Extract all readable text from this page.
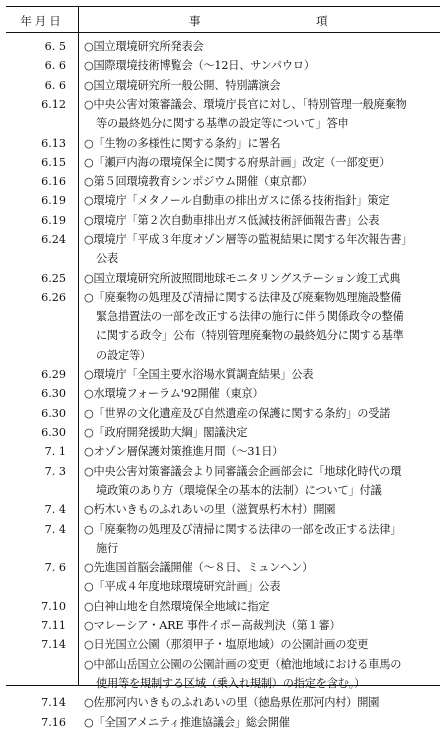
年月日	事	項
6. 5 ○国立環境研究所発表会
6. 6 ○国際環境技術博覧会（～12日、サンパウロ）
6. 6 ○国立環境研究所一般公開、特別講演会
6.12 ○中央公害対策審議会、環境庁長官に対し、「特別管理一般廃棄物
等の最終処分に関する基準の設定等について」答申
6.13 ○「生物の多様性に関する条約」に署名
6.15 ○「瀬戸内海の環境保全に関する府県計画」改定（一部変更）
6.16 ○第５回環境教育シンポジウム開催（東京都）
6.19 ○環境庁「メタノール自動車の排出ガスに係る技術指針」策定
6.19 ○環境庁「第２次自動車排出ガス低減技術評価報告書」公表
6.24 ○環境庁「平成３年度オゾン層等の監視結果に関する年次報告書」
公表
6.25 ○国立環境研究所波照間地球モニタリングステーション竣工式典
6.26 ○「廃棄物の処理及び清掃に関する法律及び廃棄物処理施設整備
緊急措置法の一部を改正する法律の施行に伴う関係政令の整備
に関する政令」公布（特別管理廃棄物の最終処分に関する基準
の設定等）
6.29 ○環境庁「全国主要水浴場水質調査結果」公表
6.30 ○水環境フォーラム'92開催（東京）
6.30 ○「世界の文化遺産及び自然遺産の保護に関する条約」の受諾
6.30 ○「政府開発援助大綱」閣議決定
7. 1 ○オゾン層保護対策推進月間（～31日）
7. 3 ○中央公害対策審議会より同審議会企画部会に「地球化時代の環
境政策のあり方（環境保全の基本的法制）について」付議
7. 4 ○朽木いきものふれあいの里（滋賀県朽木村）開園
7. 4 ○「廃棄物の処理及び清掃に関する法律の一部を改正する法律」
施行
7. 6 ○先進国首脳会議開催（～８日、ミュンヘン）
○「平成４年度地球環境研究計画」公表
7.10 ○白神山地を自然環境保全地域に指定
7.11 ○マレーシア・ARE 事件イポー高裁判決（第１審）
7.14 ○日光国立公園（那須甲子・塩原地域）の公園計画の変更
○中部山岳国立公園の公園計画の変更（槍池地域における車馬の
使用等を規制する区域（乗入れ規制）の指定を含む。）
7.14 ○佐那河内いきものふれあいの里（徳島県佐那河内村）開園
7.16 ○「全国アメニティ推進協議会」総会開催
